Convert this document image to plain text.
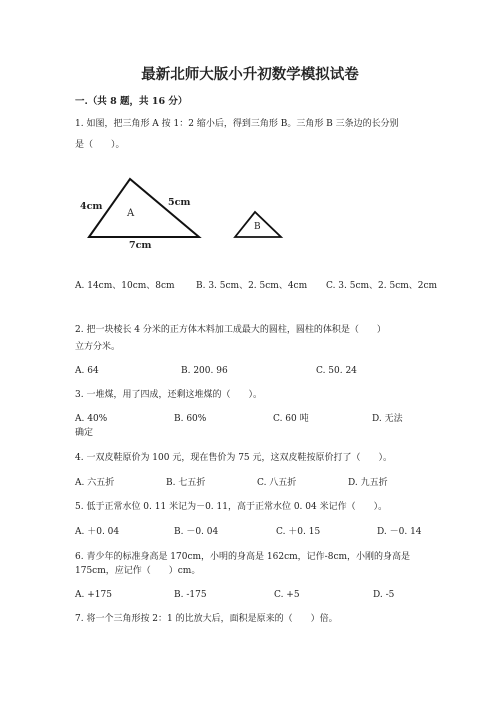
最新北师大版小升初数学模拟试卷
一.（共 8 题，共 16 分）
1. 如图，把三角形 A 按 1：2 缩小后，得到三角形 B。三角形 B 三条边的长分别
是（　　）。
4cm	5cm
7cm
A
B
A. 14cm、10cm、8cm B. 3. 5cm、2. 5cm、4cm C. 3. 5cm、2. 5cm、2cm
2. 把一块棱长 4 分米的正方体木料加工成最大的圆柱，圆柱的体积是（　　）
立方分米。
A. 64	B. 200. 96	C. 50. 24
3. 一堆煤，用了四成，还剩这堆煤的（　　）。
A. 40%	B. 60%	C. 60 吨	D. 无法
确定
4. 一双皮鞋原价为 100 元，现在售价为 75 元，这双皮鞋按原价打了（　　）。
A. 六五折	B. 七五折	C. 八五折	D. 九五折
5. 低于正常水位 0. 11 米记为－0. 11，高于正常水位 0. 04 米记作（　　）。
A. ＋0. 04	B. －0. 04	C. ＋0. 15	D. －0. 14
6. 青少年的标准身高是 170cm，小明的身高是 162cm，记作-8cm，小刚的身高是
175cm，应记作（　　）cm。
A. +175	B. -175	C. +5	D. -5
7. 将一个三角形按 2：1 的比放大后，面积是原来的（　　）倍。
